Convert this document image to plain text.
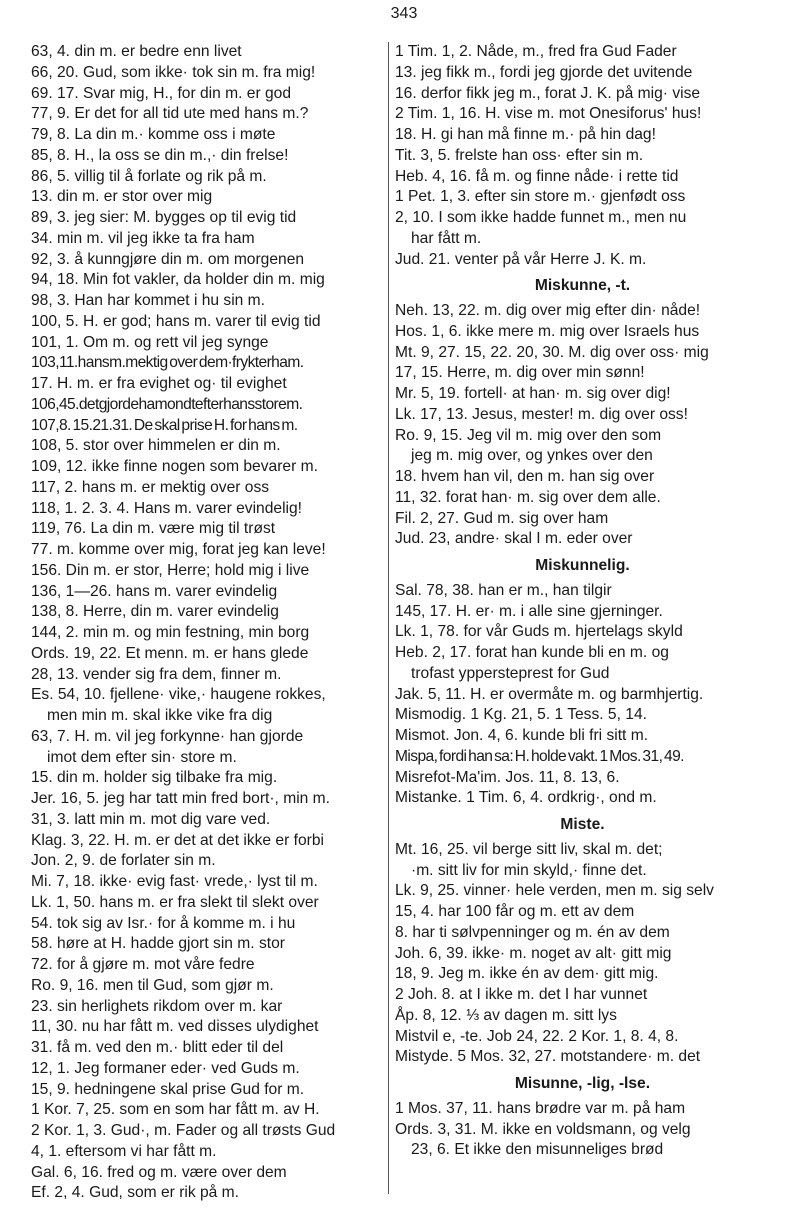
343
63, 4. din m. er bedre enn livet
66, 20. Gud, som ikke· tok sin m. fra mig!
69. 17. Svar mig, H., for din m. er god
77, 9. Er det for all tid ute med hans m.?
79, 8. La din m.· komme oss i møte
85, 8. H., la oss se din m.,· din frelse!
86, 5. villig til å forlate og rik på m.
13. din m. er stor over mig
89, 3. jeg sier: M. bygges op til evig tid
34. min m. vil jeg ikke ta fra ham
92, 3. å kunngjøre din m. om morgenen
94, 18. Min fot vakler, da holder din m. mig
98, 3. Han har kommet i hu sin m.
100, 5. H. er god; hans m. varer til evig tid
101, 1. Om m. og rett vil jeg synge
103,11.hansm.mektig over dem·frykterham.
17. H. m. er fra evighet og· til evighet
106,45.detgjordehamondtefterhansstorem.
107,8. 15.21.31. De skal prise H. for hans m.
108, 5. stor over himmelen er din m.
109, 12. ikke finne nogen som bevarer m.
117, 2. hans m. er mektig over oss
118, 1. 2. 3. 4. Hans m. varer evindelig!
119, 76. La din m. være mig til trøst
77. m. komme over mig, forat jeg kan leve!
156. Din m. er stor, Herre; hold mig i live
136, 1—26. hans m. varer evindelig
138, 8. Herre, din m. varer evindelig
144, 2. min m. og min festning, min borg
Ords. 19, 22. Et menn. m. er hans glede
28, 13. vender sig fra dem, finner m.
Es. 54, 10. fjellene· vike,· haugene rokkes,
men min m. skal ikke vike fra dig
63, 7. H. m. vil jeg forkynne· han gjorde
imot dem efter sin· store m.
15. din m. holder sig tilbake fra mig.
Jer. 16, 5. jeg har tatt min fred bort·, min m.
31, 3. latt min m. mot dig vare ved.
Klag. 3, 22. H. m. er det at det ikke er forbi
Jon. 2, 9. de forlater sin m.
Mi. 7, 18. ikke· evig fast· vrede,· lyst til m.
Lk. 1, 50. hans m. er fra slekt til slekt over
54. tok sig av Isr.· for å komme m. i hu
58. høre at H. hadde gjort sin m. stor
72. for å gjøre m. mot våre fedre
Ro. 9, 16. men til Gud, som gjør m.
23. sin herlighets rikdom over m. kar
11, 30. nu har fått m. ved disses ulydighet
31. få m. ved den m.· blitt eder til del
12, 1. Jeg formaner eder· ved Guds m.
15, 9. hedningene skal prise Gud for m.
1 Kor. 7, 25. som en som har fått m. av H.
2 Kor. 1, 3. Gud·, m. Fader og all trøsts Gud
4, 1. eftersom vi har fått m.
Gal. 6, 16. fred og m. være over dem
Ef. 2, 4. Gud, som er rik på m.
1 Tim. 1, 2. Nåde, m., fred fra Gud Fader
13. jeg fikk m., fordi jeg gjorde det uvitende
16. derfor fikk jeg m., forat J. K. på mig· vise
2 Tim. 1, 16. H. vise m. mot Onesiforus' hus!
18. H. gi han må finne m.· på hin dag!
Tit. 3, 5. frelste han oss· efter sin m.
Heb. 4, 16. få m. og finne nåde· i rette tid
1 Pet. 1, 3. efter sin store m.· gjenfødt oss
2, 10. I som ikke hadde funnet m., men nu
har fått m.
Jud. 21. venter på vår Herre J. K. m.
Miskunne, -t.
Neh. 13, 22. m. dig over mig efter din· nåde!
Hos. 1, 6. ikke mere m. mig over Israels hus
Mt. 9, 27. 15, 22. 20, 30. M. dig over oss· mig
17, 15. Herre, m. dig over min sønn!
Mr. 5, 19. fortell· at han· m. sig over dig!
Lk. 17, 13. Jesus, mester! m. dig over oss!
Ro. 9, 15. Jeg vil m. mig over den som
jeg m. mig over, og ynkes over den
18. hvem han vil, den m. han sig over
11, 32. forat han· m. sig over dem alle.
Fil. 2, 27. Gud m. sig over ham
Jud. 23, andre· skal I m. eder over
Miskunnelig.
Sal. 78, 38. han er m., han tilgir
145, 17. H. er· m. i alle sine gjerninger.
Lk. 1, 78. for vår Guds m. hjertelags skyld
Heb. 2, 17. forat han kunde bli en m. og
trofast yppersteprest for Gud
Jak. 5, 11. H. er overmåte m. og barmhjertig.
Mismodig. 1 Kg. 21, 5. 1 Tess. 5, 14.
Mismot. Jon. 4, 6. kunde bli fri sitt m.
Mispa, fordi han sa: H. holde vakt. 1 Mos. 31, 49.
Misrefot-Ma'im. Jos. 11, 8. 13, 6.
Mistanke. 1 Tim. 6, 4. ordkrig·, ond m.
Miste.
Mt. 16, 25. vil berge sitt liv, skal m. det;
·m. sitt liv for min skyld,· finne det.
Lk. 9, 25. vinner· hele verden, men m. sig selv
15, 4. har 100 får og m. ett av dem
8. har ti sølvpenninger og m. én av dem
Joh. 6, 39. ikke· m. noget av alt· gitt mig
18, 9. Jeg m. ikke én av dem· gitt mig.
2 Joh. 8. at I ikke m. det I har vunnet
Åp. 8, 12. ⅓ av dagen m. sitt lys
Mistvil e, -te. Job 24, 22. 2 Kor. 1, 8. 4, 8.
Mistyde. 5 Mos. 32, 27. motstandere· m. det
Misunne, -lig, -lse.
1 Mos. 37, 11. hans brødre var m. på ham
Ords. 3, 31. M. ikke en voldsmann, og velg
23, 6. Et ikke den misunneliges brød
